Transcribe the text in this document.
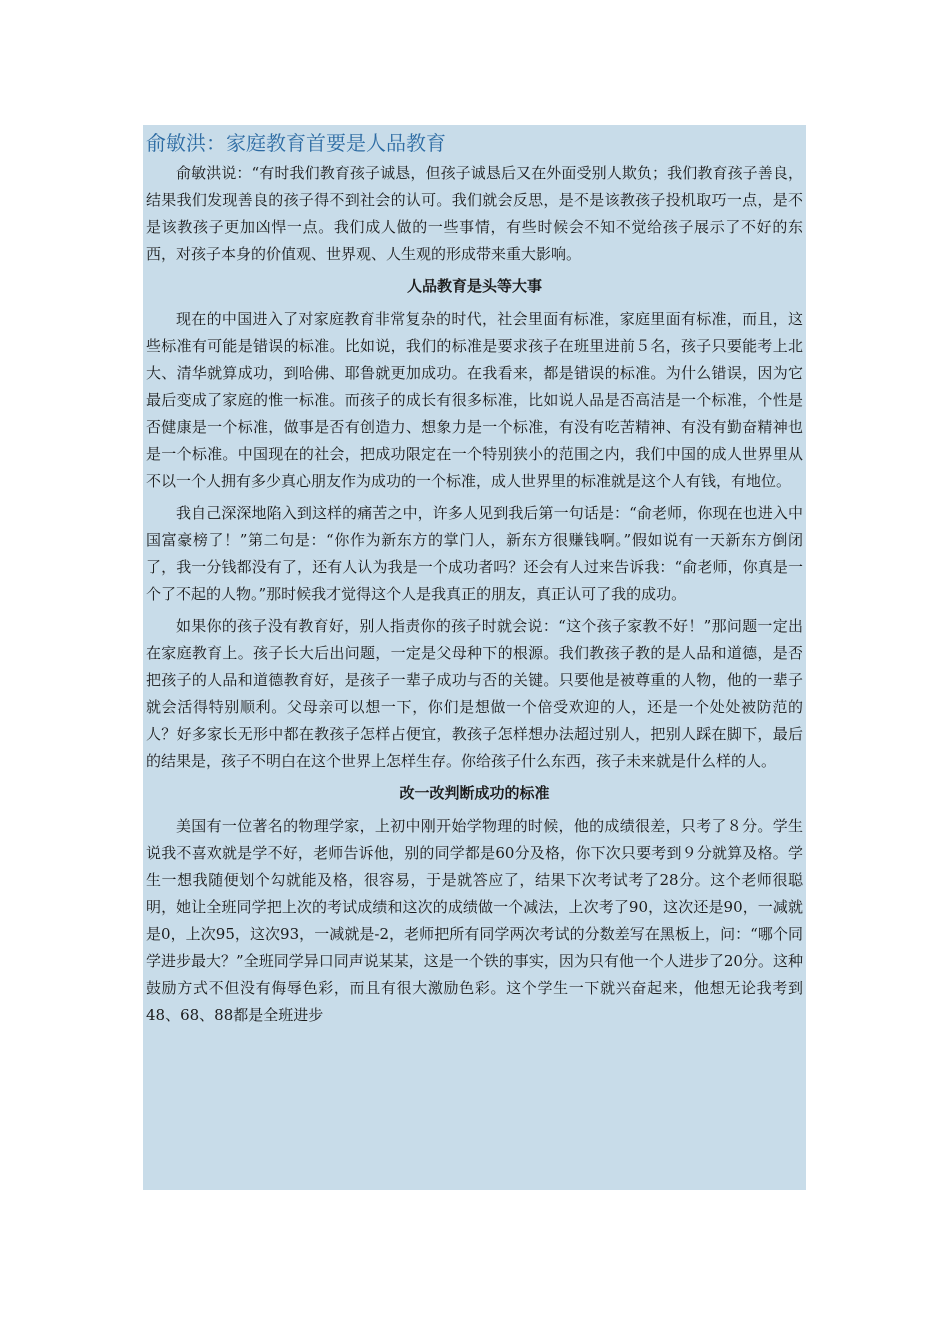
俞敏洪：家庭教育首要是人品教育

俞敏洪说：“有时我们教育孩子诚恳，但孩子诚恳后又在外面受别人欺负；我们教育孩子善良，结果我们发现善良的孩子得不到社会的认可。我们就会反思，是不是该教孩子投机取巧一点，是不是该教孩子更加凶悍一点。我们成人做的一些事情，有些时候会不知不觉给孩子展示了不好的东西，对孩子本身的价值观、世界观、人生观的形成带来重大影响。

人品教育是头等大事

现在的中国进入了对家庭教育非常复杂的时代，社会里面有标准，家庭里面有标准，而且，这些标准有可能是错误的标准。比如说，我们的标准是要求孩子在班里进前５名，孩子只要能考上北大、清华就算成功，到哈佛、耶鲁就更加成功。在我看来，都是错误的标准。为什么错误，因为它最后变成了家庭的惟一标准。而孩子的成长有很多标准，比如说人品是否高洁是一个标准，个性是否健康是一个标准，做事是否有创造力、想象力是一个标准，有没有吃苦精神、有没有勤奋精神也是一个标准。中国现在的社会，把成功限定在一个特别狭小的范围之内，我们中国的成人世界里从不以一个人拥有多少真心朋友作为成功的一个标准，成人世界里的标准就是这个人有钱，有地位。

我自己深深地陷入到这样的痛苦之中，许多人见到我后第一句话是：“俞老师，你现在也进入中国富豪榜了！”第二句是：“你作为新东方的掌门人，新东方很赚钱啊。”假如说有一天新东方倒闭了，我一分钱都没有了，还有人认为我是一个成功者吗？还会有人过来告诉我：“俞老师，你真是一个了不起的人物。”那时候我才觉得这个人是我真正的朋友，真正认可了我的成功。

如果你的孩子没有教育好，别人指责你的孩子时就会说：“这个孩子家教不好！”那问题一定出在家庭教育上。孩子长大后出问题，一定是父母种下的根源。我们教孩子教的是人品和道德，是否把孩子的人品和道德教育好，是孩子一辈子成功与否的关键。只要他是被尊重的人物，他的一辈子就会活得特别顺利。父母亲可以想一下，你们是想做一个倍受欢迎的人，还是一个处处被防范的人？好多家长无形中都在教孩子怎样占便宜，教孩子怎样想办法超过别人，把别人踩在脚下，最后的结果是，孩子不明白在这个世界上怎样生存。你给孩子什么东西，孩子未来就是什么样的人。

改一改判断成功的标准

美国有一位著名的物理学家，上初中刚开始学物理的时候，他的成绩很差，只考了８分。学生说我不喜欢就是学不好，老师告诉他，别的同学都是60分及格，你下次只要考到９分就算及格。学生一想我随便划个勾就能及格，很容易，于是就答应了，结果下次考试考了28分。这个老师很聪明，她让全班同学把上次的考试成绩和这次的成绩做一个减法，上次考了90，这次还是90，一减就是0，上次95，这次93，一减就是-2，老师把所有同学两次考试的分数差写在黑板上，问：“哪个同学进步最大？”全班同学异口同声说某某，这是一个铁的事实，因为只有他一个人进步了20分。这种鼓励方式不但没有侮辱色彩，而且有很大激励色彩。这个学生一下就兴奋起来，他想无论我考到48、68、88都是全班进步
